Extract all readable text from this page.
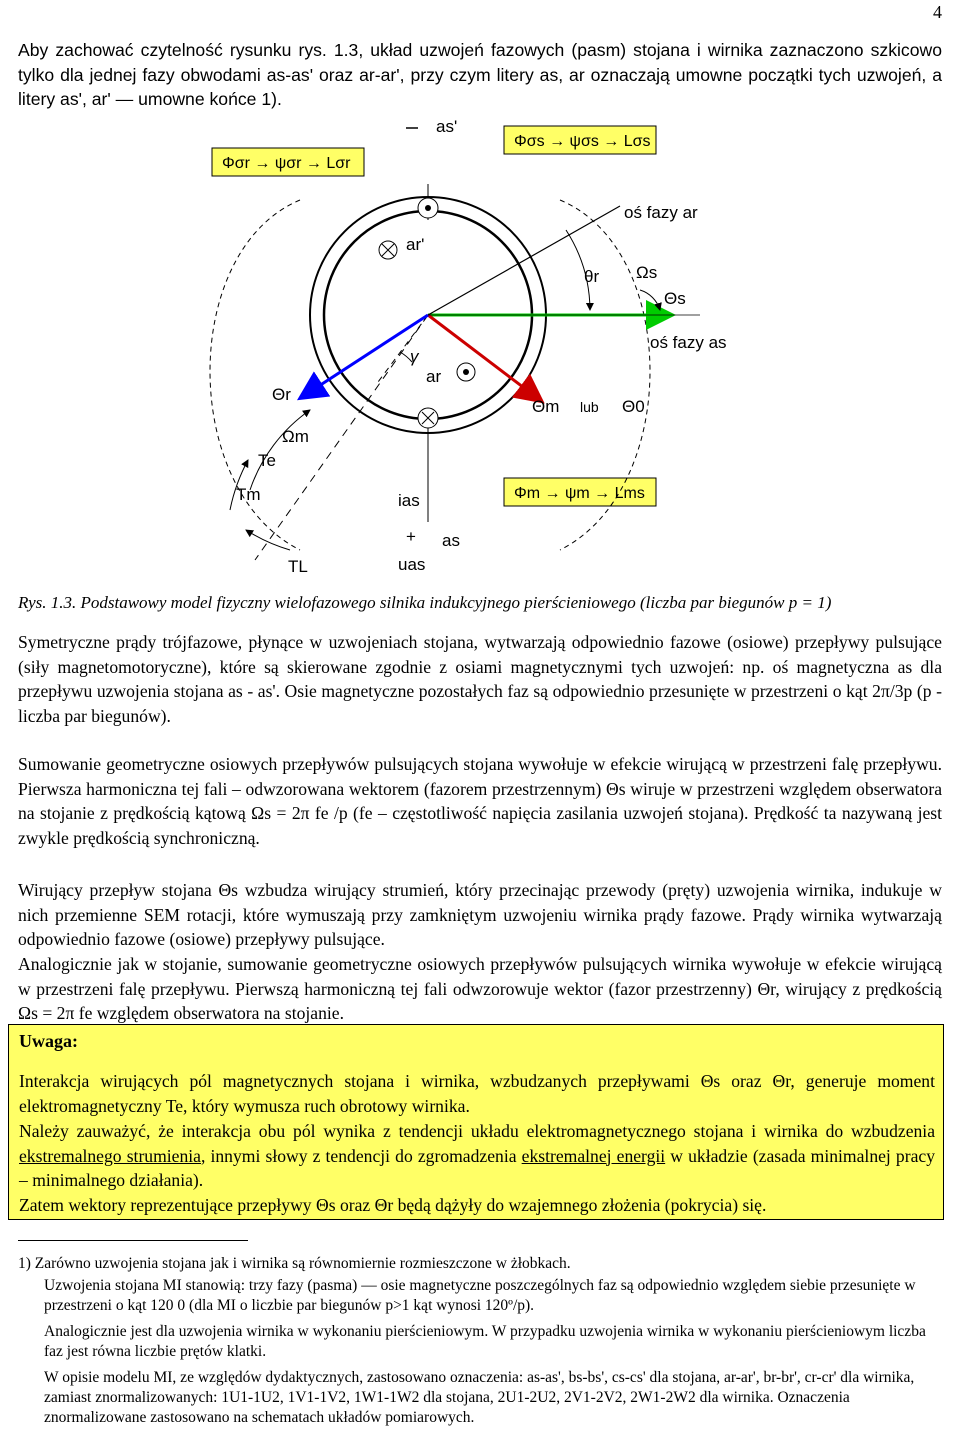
4

Aby zachować czytelność rysunku rys. 1.3, układ uzwojeń fazowych (pasm) stojana i wirnika zaznaczono szkicowo tylko dla jednej fazy obwodami as-as' oraz ar-ar', przy czym litery as, ar oznaczają umowne początki tych uzwojeń, a litery as', ar' — umowne końce 1).

Φσr → ψσr → Lσr
Φσs → ψσs → Lσs
Φm → ψm → Lms
as'
oś fazy ar
oś fazy as
ar'
θr Ωs
Θs
γ
ar
Θr
Θm lub Θ0
Ωm
Te
Tm	ias
+ as
TL	uas
Rys. 1.3. Podstawowy model fizyczny wielofazowego silnika indukcyjnego pierścieniowego (liczba par biegunów p = 1)

Symetryczne prądy trójfazowe, płynące w uzwojeniach stojana, wytwarzają odpowiednio fazowe (osiowe) przepływy pulsujące (siły magnetomotoryczne), które są skierowane zgodnie z osiami magnetycznymi tych uzwojeń: np. oś magnetyczna as dla przepływu uzwojenia stojana as - as'. Osie magnetyczne pozostałych faz są odpowiednio przesunięte w przestrzeni o kąt 2π/3p (p - liczba par biegunów).

Sumowanie geometryczne osiowych przepływów pulsujących stojana wywołuje w efekcie wirującą w przestrzeni falę przepływu. Pierwsza harmoniczna tej fali – odwzorowana wektorem (fazorem przestrzennym) Θs wiruje w przestrzeni względem obserwatora na stojanie z prędkością kątową Ωs = 2π fe /p (fe – częstotliwość napięcia zasilania uzwojeń stojana). Prędkość ta nazywaną jest zwykle prędkością synchroniczną.

Wirujący przepływ stojana Θs wzbudza wirujący strumień, który przecinając przewody (pręty) uzwojenia wirnika, indukuje w nich przemienne SEM rotacji, które wymuszają przy zamkniętym uzwojeniu wirnika prądy fazowe. Prądy wirnika wytwarzają odpowiednio fazowe (osiowe) przepływy pulsujące.

Analogicznie jak w stojanie, sumowanie geometryczne osiowych przepływów pulsujących wirnika wywołuje w efekcie wirującą w przestrzeni falę przepływu. Pierwszą harmoniczną tej fali odwzorowuje wektor (fazor przestrzenny) Θr, wirujący z prędkością Ωs = 2π fe względem obserwatora na stojanie.

Uwaga:

Interakcja wirujących pól magnetycznych stojana i wirnika, wzbudzanych przepływami Θs oraz Θr, generuje moment elektromagnetyczny Te, który wymusza ruch obrotowy wirnika.

Należy zauważyć, że interakcja obu pól wynika z tendencji układu elektromagnetycznego stojana i wirnika do wzbudzenia ekstremalnego strumienia, innymi słowy z tendencji do zgromadzenia ekstremalnej energii w układzie (zasada minimalnej pracy – minimalnego działania).

Zatem wektory reprezentujące przepływy Θs oraz Θr będą dążyły do wzajemnego złożenia (pokrycia) się.

1) Zarówno uzwojenia stojana jak i wirnika są równomiernie rozmieszczone w żłobkach.

Uzwojenia stojana MI stanowią: trzy fazy (pasma) — osie magnetyczne poszczególnych faz są odpowiednio względem siebie przesunięte w przestrzeni o kąt 120 0 (dla MI o liczbie par biegunów p>1 kąt wynosi 120º/p).

Analogicznie jest dla uzwojenia wirnika w wykonaniu pierścieniowym. W przypadku uzwojenia wirnika w wykonaniu pierścieniowym liczba faz jest równa liczbie prętów klatki.

W opisie modelu MI, ze względów dydaktycznych, zastosowano oznaczenia: as-as', bs-bs', cs-cs' dla stojana, ar-ar', br-br', cr-cr' dla wirnika, zamiast znormalizowanych: 1U1-1U2, 1V1-1V2, 1W1-1W2 dla stojana, 2U1-2U2, 2V1-2V2, 2W1-2W2 dla wirnika. Oznaczenia znormalizowane zastosowano na schematach układów pomiarowych.
